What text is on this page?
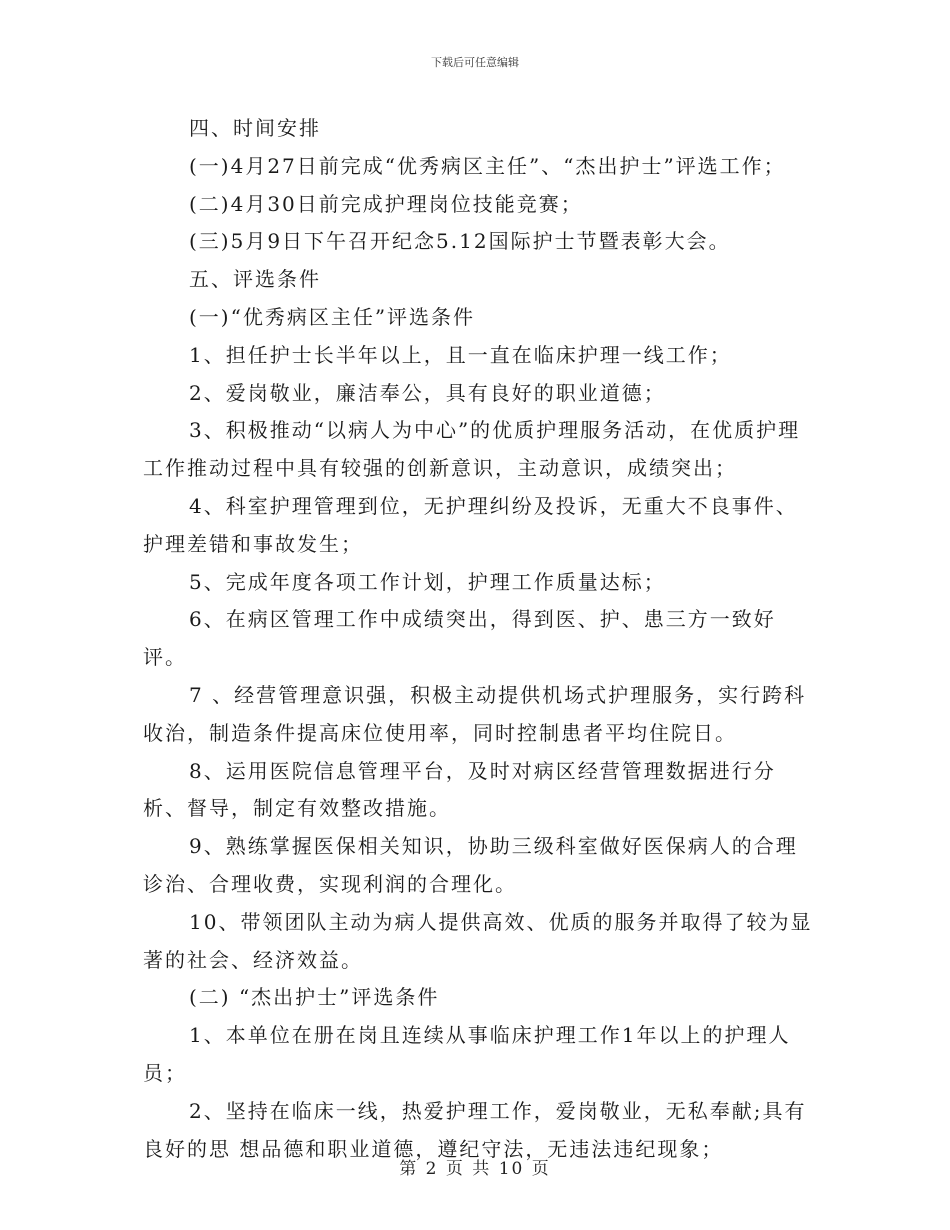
下载后可任意编辑

四、时间安排

(一)4月27日前完成“优秀病区主任”、“杰出护士”评选工作；

(二)4月30日前完成护理岗位技能竞赛；

(三)5月9日下午召开纪念5.12国际护士节暨表彰大会。

五、评选条件

(一)“优秀病区主任”评选条件

1、担任护士长半年以上，且一直在临床护理一线工作；

2、爱岗敬业，廉洁奉公，具有良好的职业道德；

3、积极推动“以病人为中心”的优质护理服务活动，在优质护理工作推动过程中具有较强的创新意识，主动意识，成绩突出；

4、科室护理管理到位，无护理纠纷及投诉，无重大不良事件、护理差错和事故发生；

5、完成年度各项工作计划，护理工作质量达标；

6、在病区管理工作中成绩突出，得到医、护、患三方一致好评。

7 、经营管理意识强，积极主动提供机场式护理服务，实行跨科收治，制造条件提高床位使用率，同时控制患者平均住院日。

8、运用医院信息管理平台，及时对病区经营管理数据进行分析、督导，制定有效整改措施。

9、熟练掌握医保相关知识，协助三级科室做好医保病人的合理诊治、合理收费，实现利润的合理化。

10、带领团队主动为病人提供高效、优质的服务并取得了较为显著的社会、经济效益。

(二) “杰出护士”评选条件

1、本单位在册在岗且连续从事临床护理工作1年以上的护理人员；

2、坚持在临床一线，热爱护理工作，爱岗敬业，无私奉献;具有良好的思 想品德和职业道德，遵纪守法，无违法违纪现象；

第 2 页 共 10 页
